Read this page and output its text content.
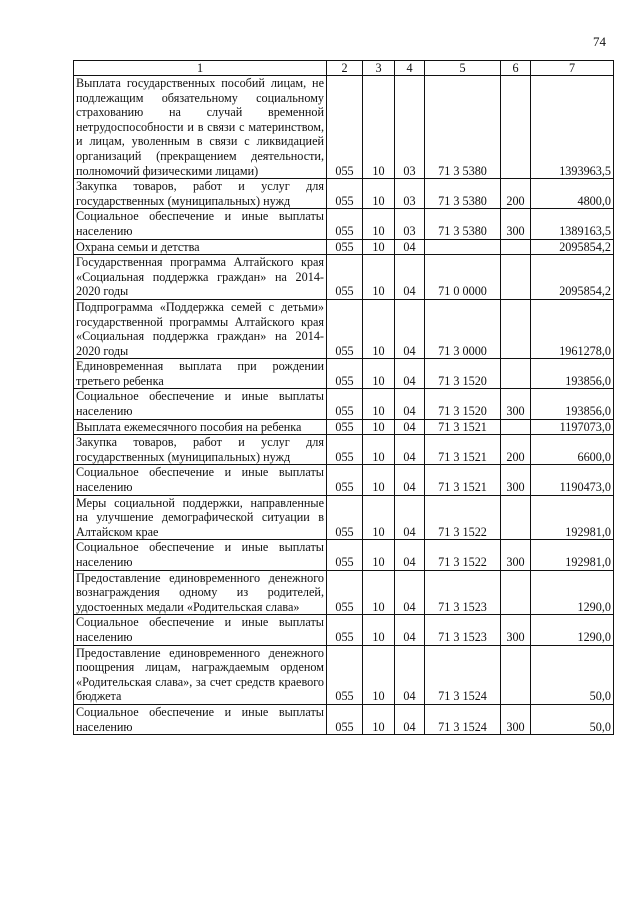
74
1	2	3	4	5	6	7
Выплата государственных пособий лицам, не подлежащим обязательному социальному страхованию на случай временной нетрудоспособности и в связи с материнством, и лицам, уволенным в связи с ликвидацией организаций (прекращением деятельности, полномочий физическими лицами)	055	10	03	71 3 5380		1393963,5
Закупка товаров, работ и услуг для государственных (муниципальных) нужд	055	10	03	71 3 5380	200	4800,0
Социальное обеспечение и иные выплаты населению	055	10	03	71 3 5380	300	1389163,5
Охрана семьи и детства	055	10	04			2095854,2
Государственная программа Алтайского края «Социальная поддержка граждан» на 2014-2020 годы	055	10	04	71 0 0000		2095854,2
Подпрограмма «Поддержка семей с детьми» государственной программы Алтайского края «Социальная поддержка граждан» на 2014-2020 годы	055	10	04	71 3 0000		1961278,0
Единовременная выплата при рождении третьего ребенка	055	10	04	71 3 1520		193856,0
Социальное обеспечение и иные выплаты населению	055	10	04	71 3 1520	300	193856,0
Выплата ежемесячного пособия на ребенка	055	10	04	71 3 1521		1197073,0
Закупка товаров, работ и услуг для государственных (муниципальных) нужд	055	10	04	71 3 1521	200	6600,0
Социальное обеспечение и иные выплаты населению	055	10	04	71 3 1521	300	1190473,0
Меры социальной поддержки, направленные на улучшение демографической ситуации в Алтайском крае	055	10	04	71 3 1522		192981,0
Социальное обеспечение и иные выплаты населению	055	10	04	71 3 1522	300	192981,0
Предоставление единовременного денежного вознаграждения одному из родителей, удостоенных медали «Родительская слава»	055	10	04	71 3 1523		1290,0
Социальное обеспечение и иные выплаты населению	055	10	04	71 3 1523	300	1290,0
Предоставление единовременного денежного поощрения лицам, награждаемым орденом «Родительская слава», за счет средств краевого бюджета	055	10	04	71 3 1524		50,0
Социальное обеспечение и иные выплаты населению	055	10	04	71 3 1524	300	50,0
